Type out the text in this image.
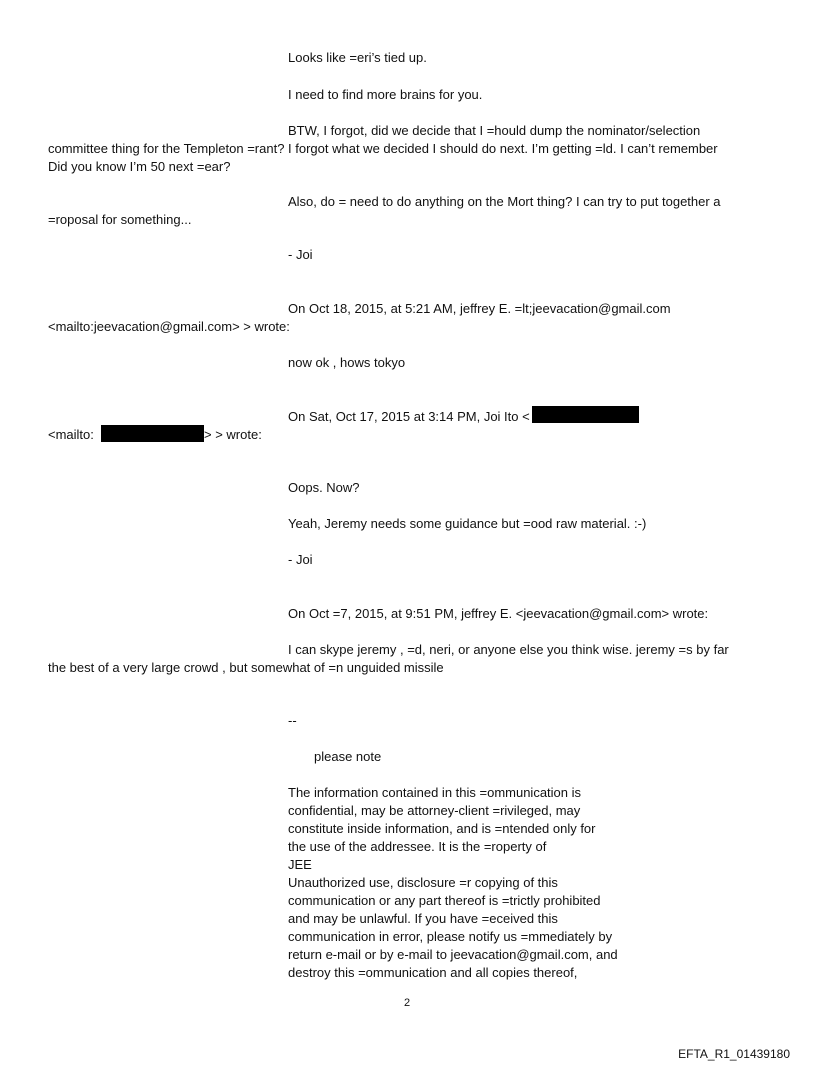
Looks like =eri’s tied up.
I need to find more brains for you.
BTW, I forgot, did we decide that I =hould dump the nominator/selection
committee thing for the Templeton =rant? I forgot what we decided I should do next. I’m getting =ld. I can’t remember
Did you know I’m 50 next =ear?
Also, do = need to do anything on the Mort thing? I can try to put together a
=roposal for something...
- Joi
On Oct 18, 2015, at 5:21 AM, jeffrey E. =lt;jeevacation@gmail.com
<mailto:jeevacation@gmail.com> > wrote:
now ok , hows tokyo
On Sat, Oct 17, 2015 at 3:14 PM, Joi Ito <
<mailto:	> > wrote:
Oops. Now?
Yeah, Jeremy needs some guidance but =ood raw material. :-)
- Joi
On Oct =7, 2015, at 9:51 PM, jeffrey E. <jeevacation@gmail.com> wrote:
I can skype jeremy , =d, neri, or anyone else you think wise. jeremy =s by far
the best of a very large crowd , but somewhat of =n unguided missile
--
please note
The information contained in this =ommunication is
confidential, may be attorney-client =rivileged, may
constitute inside information, and is =ntended only for
the use of the addressee. It is the =roperty of
JEE
Unauthorized use, disclosure =r copying of this
communication or any part thereof is =trictly prohibited
and may be unlawful. If you have =eceived this
communication in error, please notify us =mmediately by
return e-mail or by e-mail to jeevacation@gmail.com, and
destroy this =ommunication and all copies thereof,
2
EFTA_R1_01439180
